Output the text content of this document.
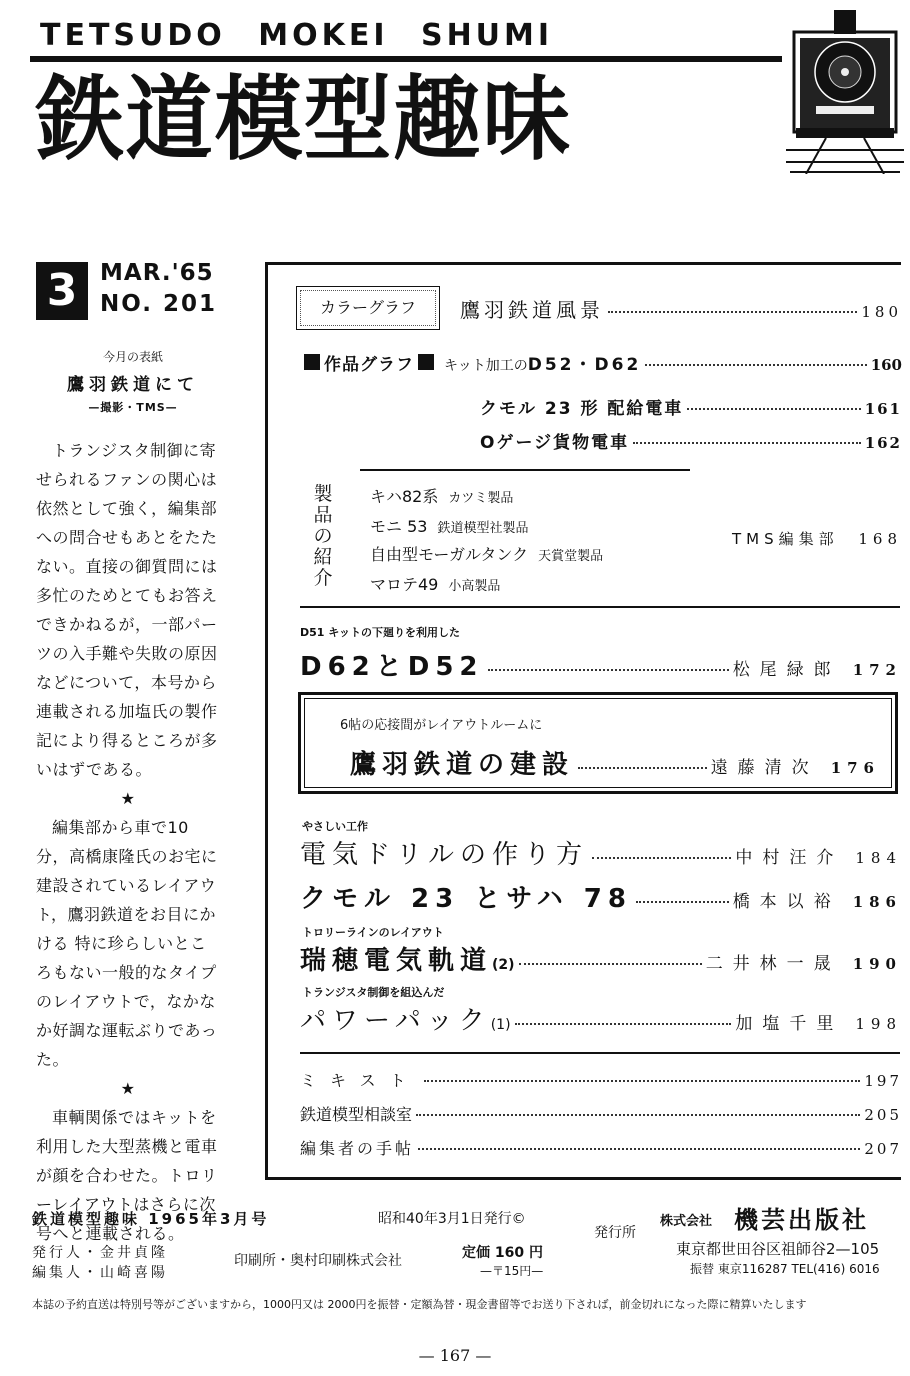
TETSUDO MOKEI SHUMI
鉄道模型趣味
3 MAR.'65
NO. 201
今月の表紙
鷹羽鉄道にて
—撮影・TMS—

トランジスタ制御に寄せられるファンの関心は依然として強く，編集部への問合せもあとをたたない。直接の御質問には多忙のためとてもお答えできかねるが，一部パーツの入手難や失敗の原因などについて，本号から連載される加塩氏の製作記により得るところが多いはずである。

★

編集部から車で10分，高橋康隆氏のお宅に建設されているレイアウト，鷹羽鉄道をお目にかける 特に珍らしいところもない一般的なタイプのレイアウトで，なかなか好調な運転ぶりであった。

★

車輌関係ではキットを利用した大型蒸機と電車が顔を合わせた。トロリーレイアウトはさらに次号へと連載される。

カラーグラフ	鷹羽鉄道風景	180
作品グラフ キット加工の D52・D62	160
クモル 23 形 配給電車	161
Oゲージ貨物電車	162
製品の紹介
キハ82系 カツミ製品
モニ 53 鉄道模型社製品
自由型モーガルタンク 天賞堂製品
マロテ49 小高製品
TMS編集部	168
D51 キットの下廻りを利用した
D62とD52	松尾緑郎 172
6帖の応接間がレイアウトルームに
鷹羽鉄道の建設	遠藤清次 176
やさしい工作
電気ドリルの作り方	中村汪介 184
クモル 23 とサハ 78	橋本以裕 186
トロリーラインのレイアウト
瑞穂電気軌道 (2)	二井林一晟 190
トランジスタ制御を組込んだ
パワーパック (1)	加塩千里 198
ミキスト	197
鉄道模型相談室	205
編集者の手帖	207
鉄道模型趣味 1965年3月号	昭和40年3月1日発行©
発行所
株式会社 機芸出版社
発行人・金井貞隆
編集人・山崎喜陽
印刷所・奥村印刷株式会社	定価 160 円
—〒15円—
東京都世田谷区祖師谷2—105
振替 東京116287 TEL(416) 6016
本誌の予約直送は特別号等がございますから，1000円又は 2000円を振替・定額為替・現金書留等でお送り下されば，前金切れになった際に精算いたします
— 167 —
